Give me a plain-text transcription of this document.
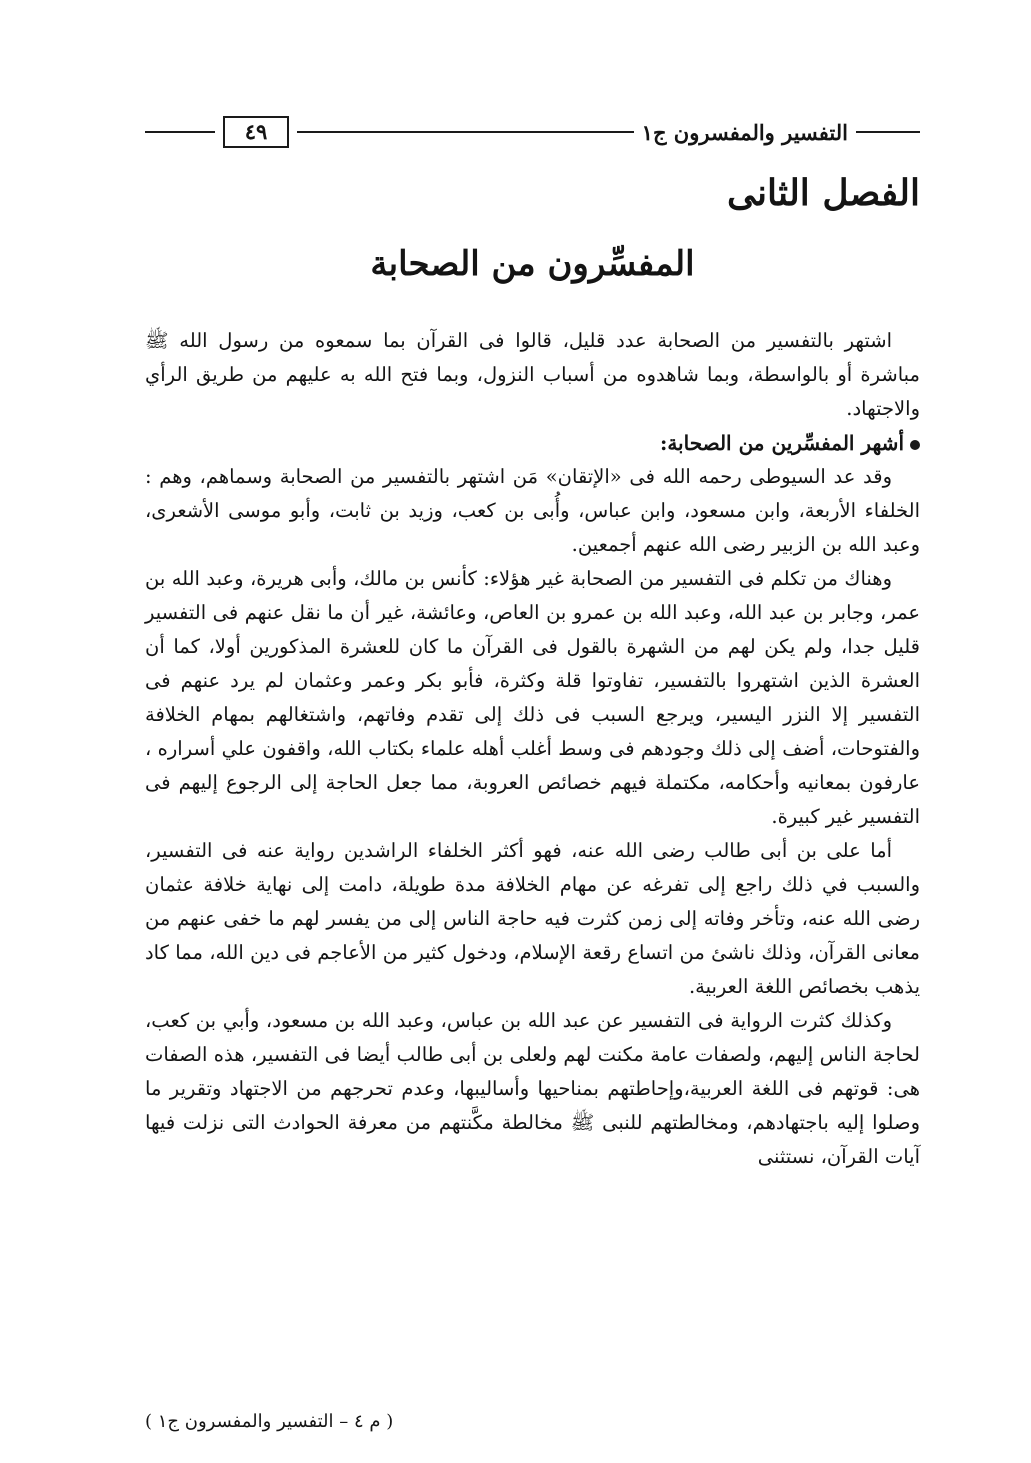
التفسير والمفسرون ج١
٤٩
الفصل الثانى
المفسِّرون من الصحابة

اشتهر بالتفسير من الصحابة عدد قليل، قالوا فى القرآن بما سمعوه من رسول الله ﷺ مباشرة أو بالواسطة، وبما شاهدوه من أسباب النزول، وبما فتح الله به عليهم من طريق الرأي والاجتهاد.

أشهر المفسِّرين من الصحابة:

وقد عد السيوطى رحمه الله فى «الإتقان» مَن اشتهر بالتفسير من الصحابة وسماهم، وهم : الخلفاء الأربعة، وابن مسعود، وابن عباس، وأُبى بن كعب، وزيد بن ثابت، وأبو موسى الأشعرى، وعبد الله بن الزبير رضى الله عنهم أجمعين.

وهناك من تكلم فى التفسير من الصحابة غير هؤلاء: كأنس بن مالك، وأبى هريرة، وعبد الله بن عمر، وجابر بن عبد الله، وعبد الله بن عمرو بن العاص، وعائشة، غير أن ما نقل عنهم فى التفسير قليل جدا، ولم يكن لهم من الشهرة بالقول فى القرآن ما كان للعشرة المذكورين أولا، كما أن العشرة الذين اشتهروا بالتفسير، تفاوتوا قلة وكثرة، فأبو بكر وعمر وعثمان لم يرد عنهم فى التفسير إلا النزر اليسير، ويرجع السبب فى ذلك إلى تقدم وفاتهم، واشتغالهم بمهام الخلافة والفتوحات، أضف إلى ذلك وجودهم فى وسط أغلب أهله علماء بكتاب الله، واقفون علي أسراره ، عارفون بمعانيه وأحكامه، مكتملة فيهم خصائص العروبة، مما جعل الحاجة إلى الرجوع إليهم فى التفسير غير كبيرة.

أما على بن أبى طالب رضى الله عنه، فهو أكثر الخلفاء الراشدين رواية عنه فى التفسير، والسبب في ذلك راجع إلى تفرغه عن مهام الخلافة مدة طويلة، دامت إلى نهاية خلافة عثمان رضى الله عنه، وتأخر وفاته إلى زمن كثرت فيه حاجة الناس إلى من يفسر لهم ما خفى عنهم من معانى القرآن، وذلك ناشئ من اتساع رقعة الإسلام، ودخول كثير من الأعاجم فى دين الله، مما كاد يذهب بخصائص اللغة العربية.

وكذلك كثرت الرواية فى التفسير عن عبد الله بن عباس، وعبد الله بن مسعود، وأبي بن كعب، لحاجة الناس إليهم، ولصفات عامة مكنت لهم ولعلى بن أبى طالب أيضا فى التفسير، هذه الصفات هى: قوتهم فى اللغة العربية،وإحاطتهم بمناحيها وأساليبها، وعدم تحرجهم من الاجتهاد وتقرير ما وصلوا إليه باجتهادهم، ومخالطتهم للنبى ﷺ مخالطة مكَّنتهم من معرفة الحوادث التى نزلت فيها آيات القرآن، نستثنى

( م ٤ – التفسير والمفسرون ج١ )
